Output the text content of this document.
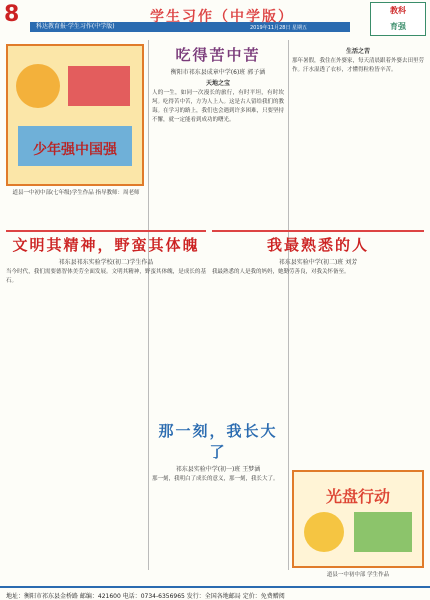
8	科达教育报·学生习作(中学版)
学生习作（中学版）
2019年11月28日 星期五
教科
育强
少年强中国强
道县一中初中部(七年级)学生作品 指导教师：周老师
吃得苦中苦
衡阳市祁东县成章中学(6)班 郭子涵
天地之宝
人的一生，如同一次漫长的旅行，有时平坦，有时坎坷。吃得苦中苦，方为人上人。这是古人留给我们的教诲。在学习的路上，我们也会遇到许多困难，只要坚持不懈，就一定能看到成功的曙光。
生活之苦
那年暑假，我住在外婆家，每天清晨跟着外婆去田里劳作。汗水湿透了衣衫，才懂得粒粒皆辛苦。
文明其精神，野蛮其体魄
祁东县祁东实验学校(初二)学生作品
当今时代，我们需要德智体美劳全面发展。文明其精神，野蛮其体魄，是成长的基石。
我最熟悉的人
祁东县实验中学(初二)班 刘芳
我最熟悉的人是我的妈妈，她勤劳善良，对我关怀备至。
那一刻，我长大了
祁东县实验中学(初一)班 王梦涵
那一刻，我明白了成长的意义，那一刻，我长大了。
光盘行动
道县一中初中部 学生作品
地址：衡阳市祁东县金桥路 邮编：421600 电话：0734-6356965 发行：全国各地邮局 定价：免费赠阅
